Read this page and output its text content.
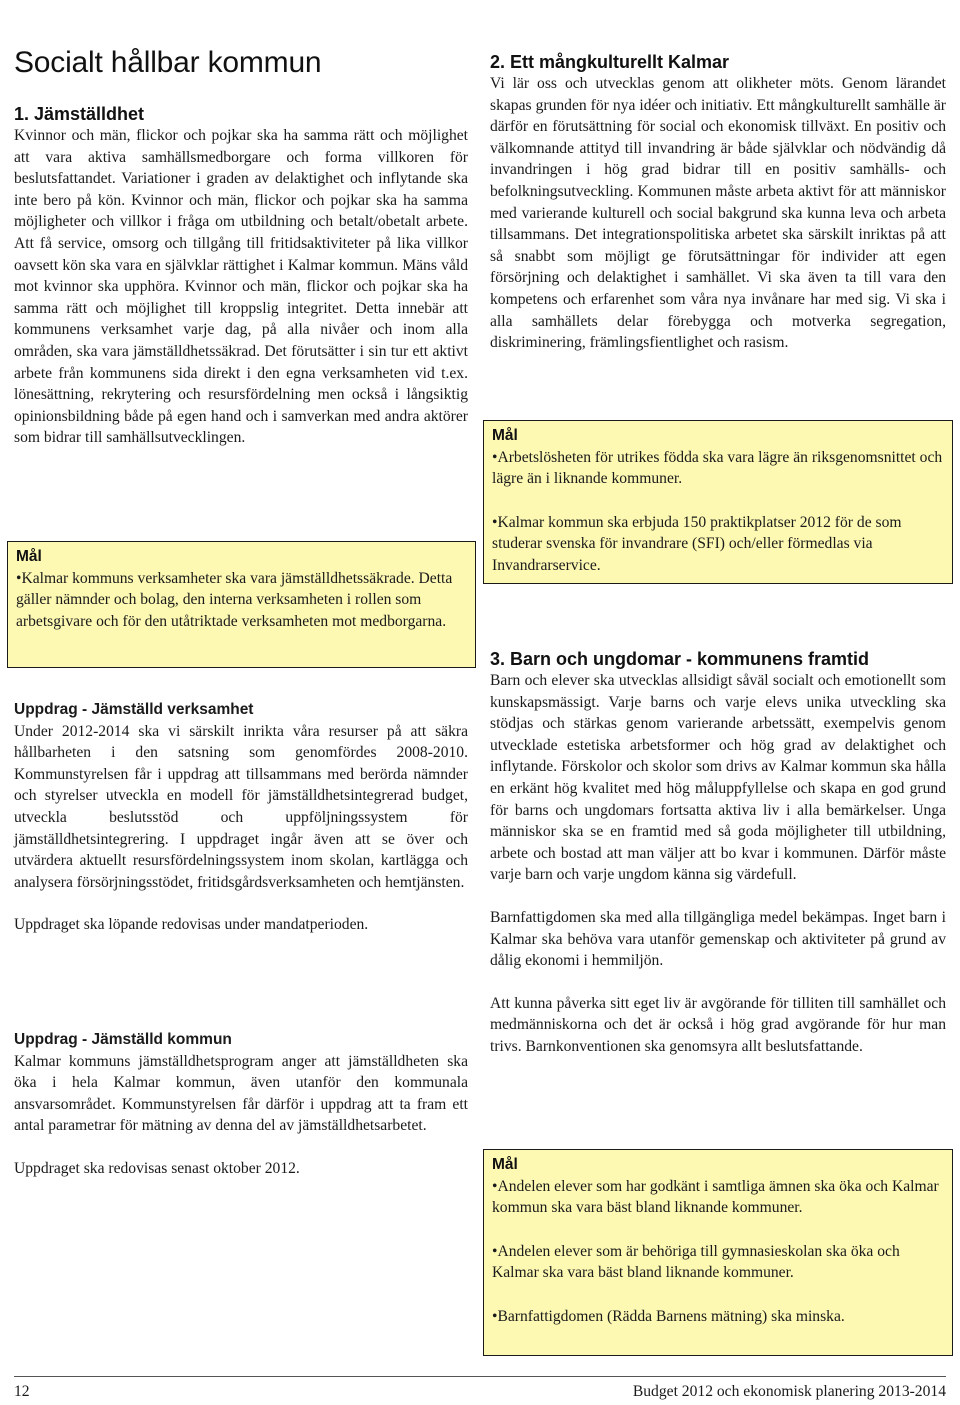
Socialt hållbar kommun
1. Jämställdhet

Kvinnor och män, flickor och pojkar ska ha samma rätt och möjlighet att vara aktiva samhällsmedborgare och forma villkoren för beslutsfattandet. Variationer i graden av delaktighet och inflytande ska inte bero på kön. Kvinnor och män, flickor och pojkar ska ha samma möjligheter och villkor i fråga om utbildning och betalt/obetalt arbete. Att få service, omsorg och tillgång till fritidsaktiviteter på lika villkor oavsett kön ska vara en självklar rättighet i Kalmar kommun. Mäns våld mot kvinnor ska upphöra. Kvinnor och män, flickor och pojkar ska ha samma rätt och möjlighet till kroppslig integritet. Detta innebär att kommunens verksamhet varje dag, på alla nivåer och inom alla områden, ska vara jämställdhetssäkrad. Det förutsätter i sin tur ett aktivt arbete från kommunens sida direkt i den egna verksamheten vid t.ex. lönesättning, rekrytering och resursfördelning men också i långsiktig opinionsbildning både på egen hand och i samverkan med andra aktörer som bidrar till samhällsutvecklingen.

Mål

•Kalmar kommuns verksamheter ska vara jämställdhetssäkrade. Detta gäller nämnder och bolag, den interna verksamheten i rollen som arbetsgivare och för den utåtriktade verksamheten mot medborgarna.

Uppdrag - Jämställd verksamhet

Under 2012-2014 ska vi särskilt inrikta våra resurser på att säkra hållbarheten i den satsning som genomfördes 2008-2010. Kommunstyrelsen får i uppdrag att tillsammans med berörda nämnder och styrelser utveckla en modell för jämställdhetsintegrerad budget, utveckla beslutsstöd och uppföljningssystem för jämställdhetsintegrering. I uppdraget ingår även att se över och utvärdera aktuellt resursfördelningssystem inom skolan, kartlägga och analysera försörjningsstödet, fritidsgårdsverksamheten och hemtjänsten.

Uppdraget ska löpande redovisas under mandatperioden.

Uppdrag - Jämställd kommun

Kalmar kommuns jämställdhetsprogram anger att jämställdheten ska öka i hela Kalmar kommun, även utanför den kommunala ansvarsområdet. Kommunstyrelsen får därför i uppdrag att ta fram ett antal parametrar för mätning av denna del av jämställdhetsarbetet.

Uppdraget ska redovisas senast oktober 2012.

2. Ett mångkulturellt Kalmar

Vi lär oss och utvecklas genom att olikheter möts. Genom lärandet skapas grunden för nya idéer och initiativ. Ett mångkulturellt samhälle är därför en förutsättning för social och ekonomisk tillväxt. En positiv och välkomnande attityd till invandring är både självklar och nödvändig då invandringen i hög grad bidrar till en positiv samhälls- och befolkningsutveckling. Kommunen måste arbeta aktivt för att människor med varierande kulturell och social bakgrund ska kunna leva och arbeta tillsammans. Det integrationspolitiska arbetet ska särskilt inriktas på att så snabbt som möjligt ge förutsättningar för individer att egen försörjning och delaktighet i samhället. Vi ska även ta till vara den kompetens och erfarenhet som våra nya invånare har med sig. Vi ska i alla samhällets delar förebygga och motverka segregation, diskriminering, främlingsfientlighet och rasism.

Mål

•Arbetslösheten för utrikes födda ska vara lägre än riksgenomsnittet och lägre än i liknande kommuner.

•Kalmar kommun ska erbjuda 150 praktikplatser 2012 för de som studerar svenska för invandrare (SFI) och/eller förmedlas via Invandrarservice.

3. Barn och ungdomar - kommunens framtid

Barn och elever ska utvecklas allsidigt såväl socialt och emotionellt som kunskapsmässigt. Varje barns och varje elevs unika utveckling ska stödjas och stärkas genom varierande arbetssätt, exempelvis genom utvecklade estetiska arbetsformer och hög grad av delaktighet och inflytande. Förskolor och skolor som drivs av Kalmar kommun ska hålla en erkänt hög kvalitet med hög måluppfyllelse och skapa en god grund för barns och ungdomars fortsatta aktiva liv i alla bemärkelser. Unga människor ska se en framtid med så goda möjligheter till utbildning, arbete och bostad att man väljer att bo kvar i kommunen. Därför måste varje barn och varje ungdom känna sig värdefull.

Barnfattigdomen ska med alla tillgängliga medel bekämpas. Inget barn i Kalmar ska behöva vara utanför gemenskap och aktiviteter på grund av dålig ekonomi i hemmiljön.

Att kunna påverka sitt eget liv är avgörande för tilliten till samhället och medmänniskorna och det är också i hög grad avgörande för hur man trivs. Barnkonventionen ska genomsyra allt beslutsfattande.

Mål

•Andelen elever som har godkänt i samtliga ämnen ska öka och Kalmar kommun ska vara bäst bland liknande kommuner.

•Andelen elever som är behöriga till gymnasieskolan ska öka och Kalmar ska vara bäst bland liknande kommuner.

•Barnfattigdomen (Rädda Barnens mätning) ska minska.

12	Budget 2012 och ekonomisk planering 2013-2014
